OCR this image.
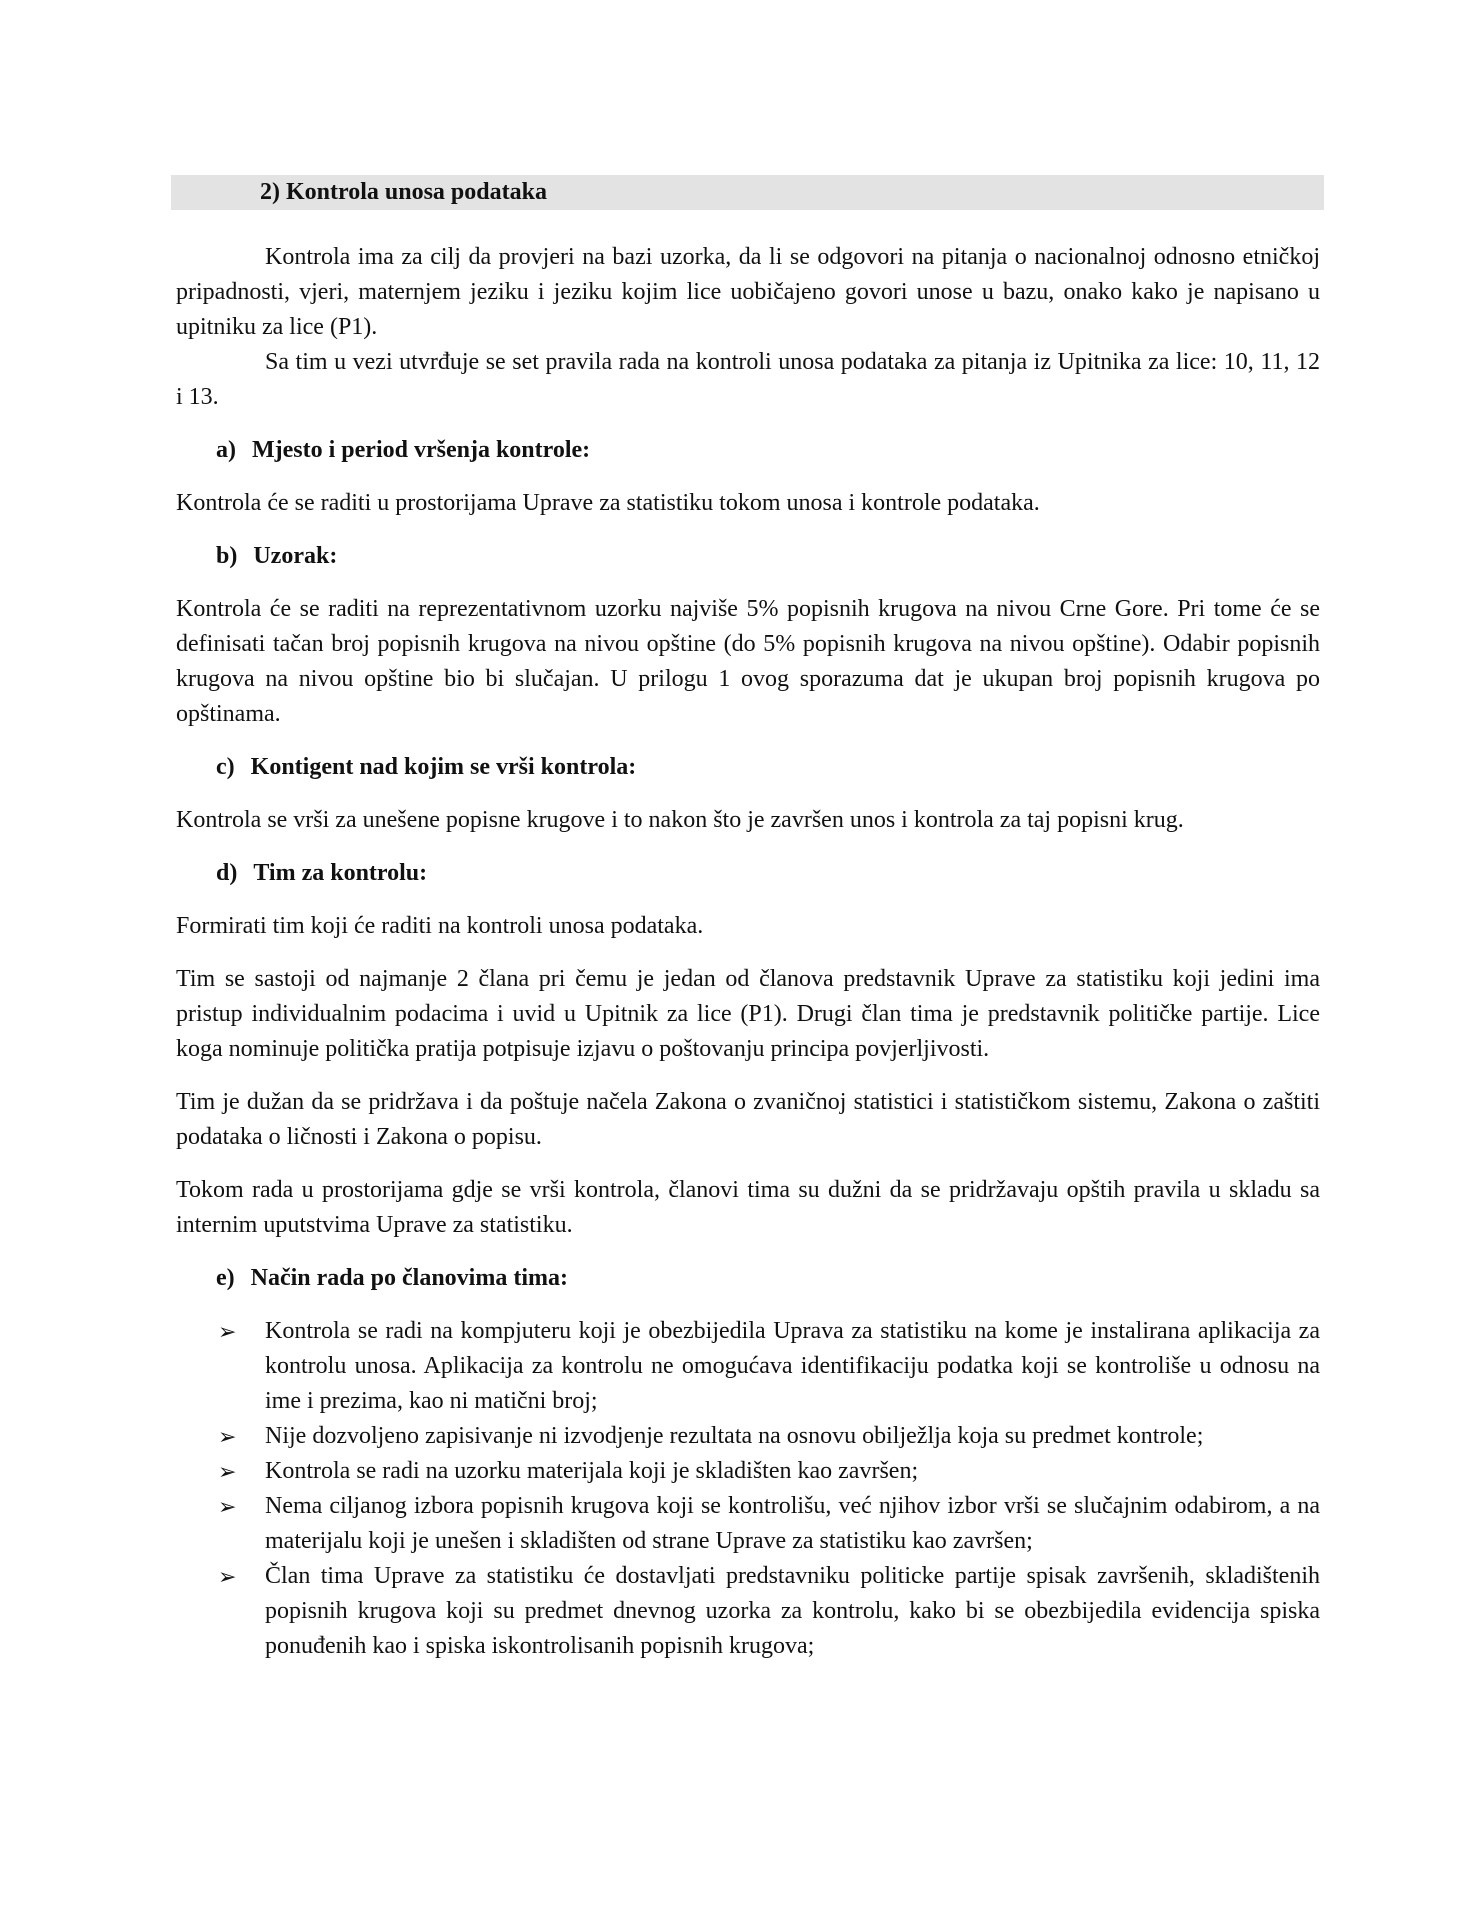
2) Kontrola unosa podataka

Kontrola ima za cilj da provjeri na bazi uzorka, da li se odgovori na pitanja o nacionalnoj odnosno etničkoj pripadnosti, vjeri, maternjem jeziku i jeziku kojim lice uobičajeno govori unose u bazu, onako kako je napisano u upitniku za lice (P1).

Sa tim u vezi utvrđuje se set pravila rada na kontroli unosa podataka za pitanja iz Upitnika za lice: 10, 11, 12 i 13.

a) Mjesto i period vršenja kontrole:

Kontrola će se raditi u prostorijama Uprave za statistiku tokom unosa i kontrole podataka.

b) Uzorak:

Kontrola će se raditi na reprezentativnom uzorku najviše 5% popisnih krugova na nivou Crne Gore. Pri tome će se definisati tačan broj popisnih krugova na nivou opštine (do 5% popisnih krugova na nivou opštine). Odabir popisnih krugova na nivou opštine bio bi slučajan. U prilogu 1 ovog sporazuma dat je ukupan broj popisnih krugova po opštinama.

c) Kontigent nad kojim se vrši kontrola:

Kontrola se vrši za unešene popisne krugove i to nakon što je završen unos i kontrola za taj popisni krug.

d) Tim za kontrolu:

Formirati tim koji će raditi na kontroli unosa podataka.

Tim se sastoji od najmanje 2 člana pri čemu je jedan od članova predstavnik Uprave za statistiku koji jedini ima pristup individualnim podacima i uvid u Upitnik za lice (P1). Drugi član tima je predstavnik političke partije. Lice koga nominuje politička pratija potpisuje izjavu o poštovanju principa povjerljivosti.

Tim je dužan da se pridržava i da poštuje načela Zakona o zvaničnoj statistici i statističkom sistemu, Zakona o zaštiti podataka o ličnosti i Zakona o popisu.

Tokom rada u prostorijama gdje se vrši kontrola, članovi tima su dužni da se pridržavaju opštih pravila u skladu sa internim uputstvima Uprave za statistiku.

e) Način rada po članovima tima:
➢	Kontrola se radi na kompjuteru koji je obezbijedila Uprava za statistiku na kome je instalirana aplikacija za kontrolu unosa. Aplikacija za kontrolu ne omogućava identifikaciju podatka koji se kontroliše u odnosu na ime i prezima, kao ni matični broj;
➢	Nije dozvoljeno zapisivanje ni izvodjenje rezultata na osnovu obilježlja koja su predmet kontrole;
➢	Kontrola se radi na uzorku materijala koji je skladišten kao završen;
➢	Nema ciljanog izbora popisnih krugova koji se kontrolišu, već njihov izbor vrši se slučajnim odabirom, a na materijalu koji je unešen i skladišten od strane Uprave za statistiku kao završen;
➢	Član tima Uprave za statistiku će dostavljati predstavniku politicke partije spisak završenih, skladištenih popisnih krugova koji su predmet dnevnog uzorka za kontrolu, kako bi se obezbijedila evidencija spiska ponuđenih kao i spiska iskontrolisanih popisnih krugova;
